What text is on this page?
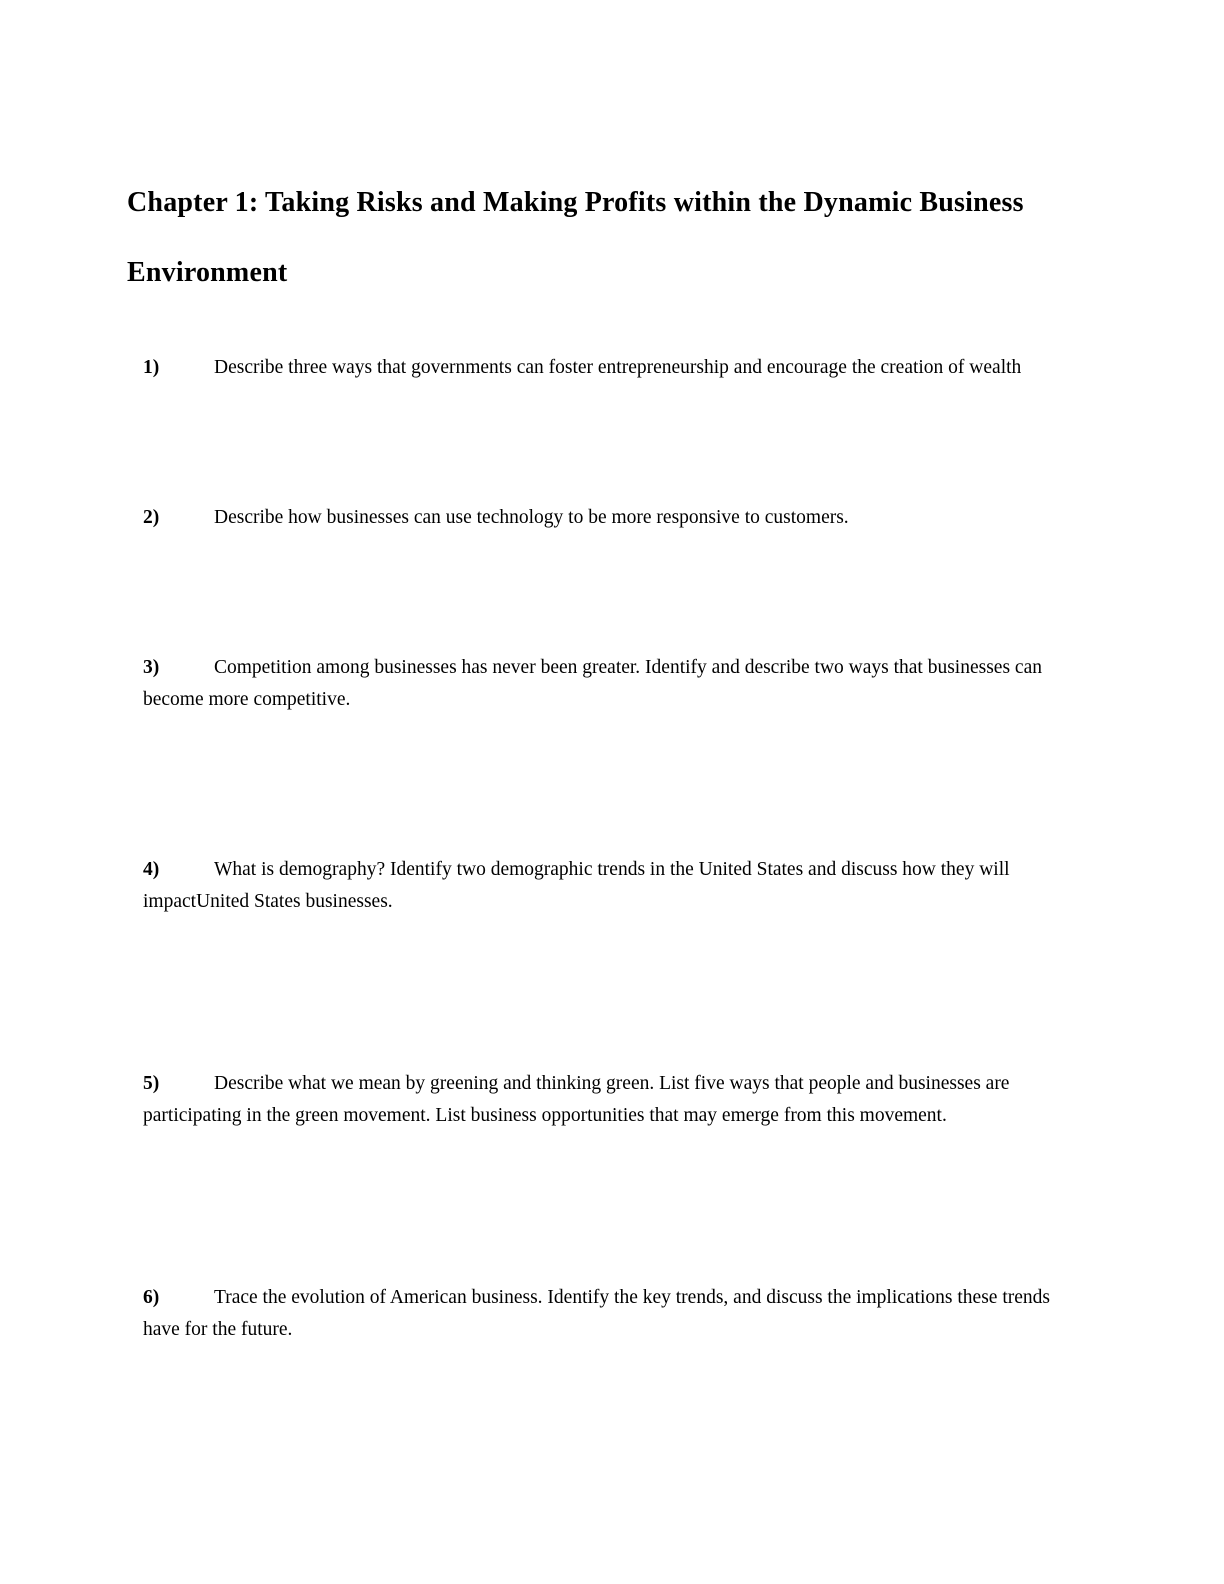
Chapter 1: Taking Risks and Making Profits within the Dynamic Business Environment

1)	Describe three ways that governments can foster entrepreneurship and encourage the creation of wealth

2)	Describe how businesses can use technology to be more responsive to customers.

3)	Competition among businesses has never been greater. Identify and describe two ways that businesses can become more competitive.

4)	What is demography? Identify two demographic trends in the United States and discuss how they will impactUnited States businesses.

5)	Describe what we mean by greening and thinking green. List five ways that people and businesses are participating in the green movement. List business opportunities that may emerge from this movement.

6)	Trace the evolution of American business. Identify the key trends, and discuss the implications these trends have for the future.
